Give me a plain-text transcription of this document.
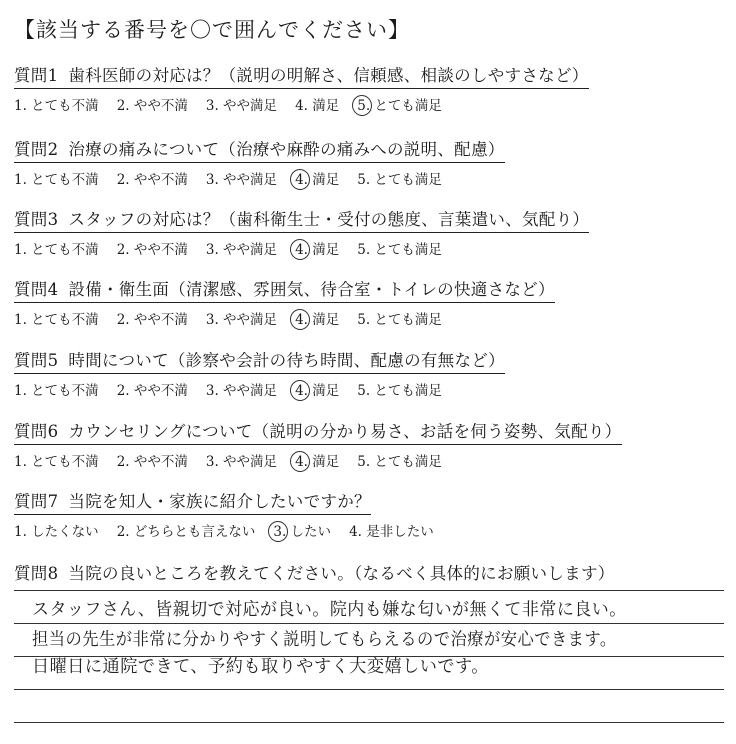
【該当する番号を〇で囲んでください】
質問1 歯科医師の対応は？（説明の明解さ、信頼感、相談のしやすさなど）
1. とても不満 2. やや不満 3. やや満足 4. 満足 5. とても満足
質問2 治療の痛みについて（治療や麻酔の痛みへの説明、配慮）
1. とても不満 2. やや不満 3. やや満足 4. 満足 5. とても満足
質問3 スタッフの対応は？（歯科衛生士・受付の態度、言葉遣い、気配り）
1. とても不満 2. やや不満 3. やや満足 4. 満足 5. とても満足
質問4 設備・衛生面（清潔感、雰囲気、待合室・トイレの快適さなど）
1. とても不満 2. やや不満 3. やや満足 4. 満足 5. とても満足
質問5 時間について（診察や会計の待ち時間、配慮の有無など）
1. とても不満 2. やや不満 3. やや満足 4. 満足 5. とても満足
質問6 カウンセリングについて（説明の分かり易さ、お話を伺う姿勢、気配り）
1. とても不満 2. やや不満 3. やや満足 4. 満足 5. とても満足
質問7 当院を知人・家族に紹介したいですか？
1. したくない 2. どちらとも言えない 3. したい 4. 是非したい
質問8 当院の良いところを教えてください。（なるべく具体的にお願いします）
スタッフさん、皆親切で対応が良い。院内も嫌な匂いが無くて非常に良い。
担当の先生が非常に分かりやすく説明してもらえるので治療が安心できます。
日曜日に通院できて、予約も取りやすく大変嬉しいです。
